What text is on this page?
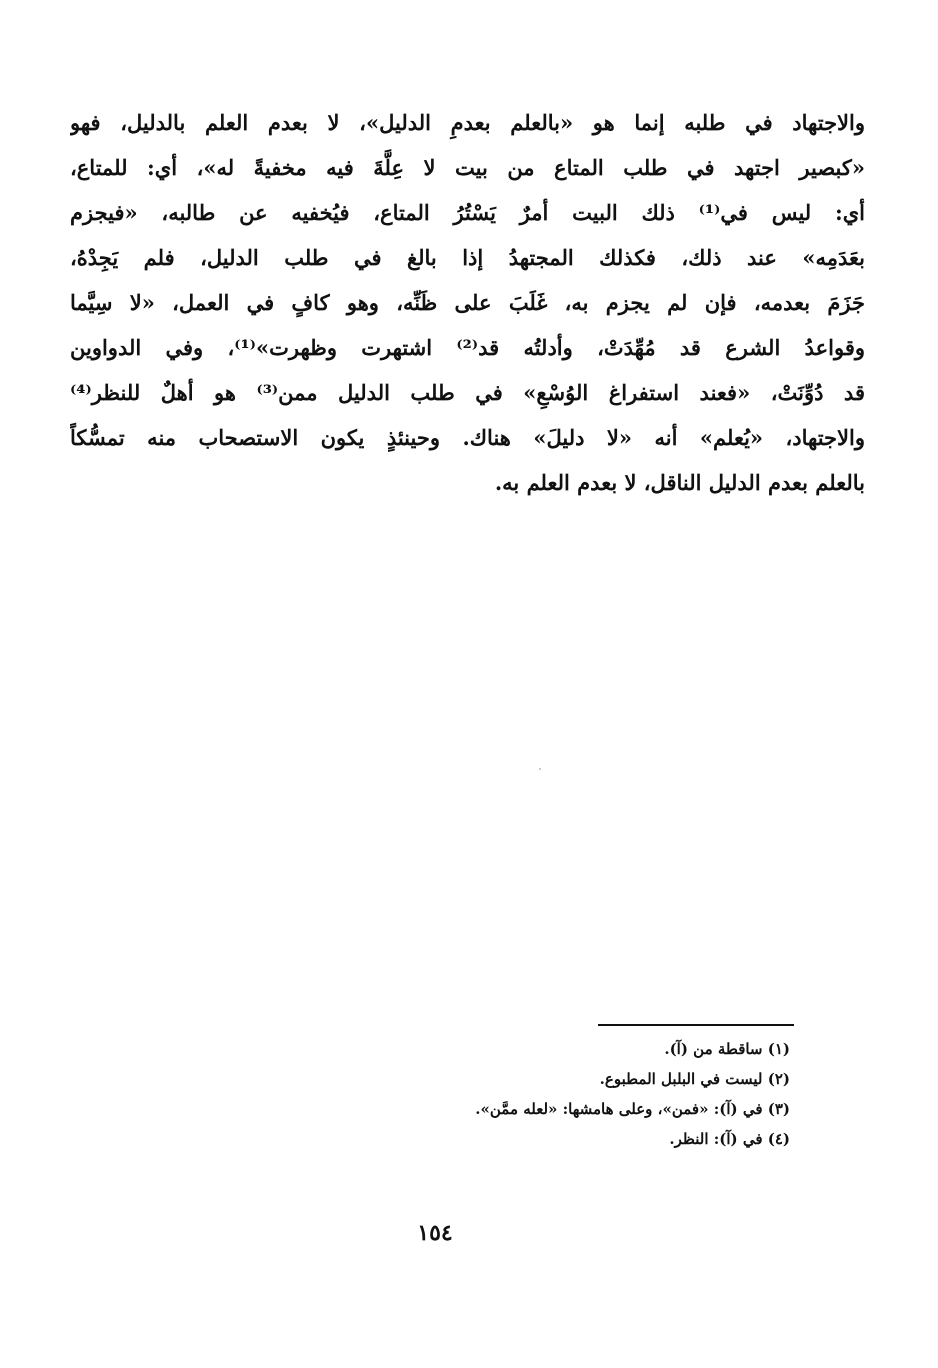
والاجتهاد في طلبه إنما هو «بالعلم بعدمِ الدليل»، لا بعدم العلم بالدليل، فهو
«كبصير اجتهد في طلب المتاع من بيت لا عِلَّةَ فيه مخفيةً له»، أي: للمتاع،
أي: ليس في⁽¹⁾ ذلك البيت أمرٌ يَسْتُرُ المتاع، فيُخفيه عن طالبه، «فيجزم
بعَدَمِه» عند ذلك، فكذلك المجتهدُ إذا بالغ في طلب الدليل، فلم يَجِدْهُ،
جَزَمَ بعدمه، فإن لم يجزم به، غَلَبَ على ظَنِّه، وهو كافٍ في العمل، «لا سِيَّما
وقواعدُ الشرع قد مُهِّدَتْ، وأدلتُه قد⁽²⁾ اشتهرت وظهرت»⁽¹⁾، وفي الدواوين
قد دُوِّنَتْ، «فعند استفراغ الوُسْعِ» في طلب الدليل ممن⁽³⁾ هو أهلٌ للنظر⁽⁴⁾
والاجتهاد، «يُعلم» أنه «لا دليلَ» هناك. وحينئذٍ يكون الاستصحاب منه تمسُّكاً
بالعلم بعدم الدليل الناقل، لا بعدم العلم به.
(١) ساقطة من (آ).
(٢) ليست في البلبل المطبوع.
(٣) في (آ): «فمن»، وعلى هامشها: «لعله ممَّن».
(٤) في (آ): النظر.
١٥٤
